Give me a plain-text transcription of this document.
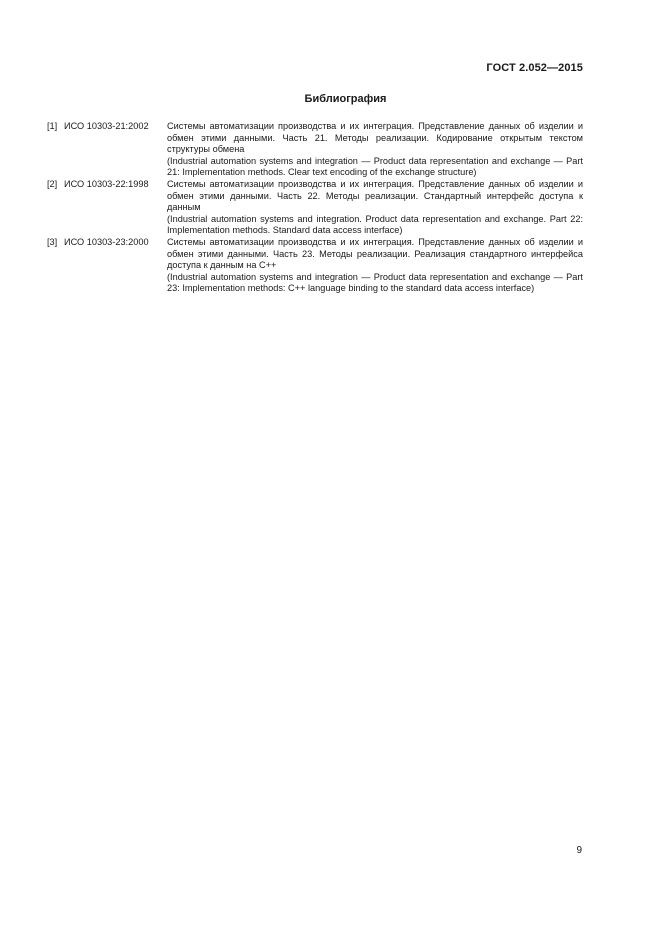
ГОСТ 2.052—2015
Библиография
[1] ИСО 10303-21:2002	Системы автоматизации производства и их интеграция. Представление данных об изделии и обмен этими данными. Часть 21. Методы реализации. Кодирование открытым текстом структуры обмена

(Industrial automation systems and integration — Product data representation and exchange — Part 21: Implementation methods. Clear text encoding of the exchange structure)

[2] ИСО 10303-22:1998	Системы автоматизации производства и их интеграция. Представление данных об изделии и обмен этими данными. Часть 22. Методы реализации. Стандартный интерфейс доступа к данным

(Industrial automation systems and integration. Product data representation and exchange. Part 22: Implementation methods. Standard data access interface)

[3] ИСО 10303-23:2000	Системы автоматизации производства и их интеграция. Представление данных об изделии и обмен этими данными. Часть 23. Методы реализации. Реализация стандартного интерфейса доступа к данным на C++

(Industrial automation systems and integration — Product data representation and exchange — Part 23: Implementation methods: C++ language binding to the standard data access interface)

9
